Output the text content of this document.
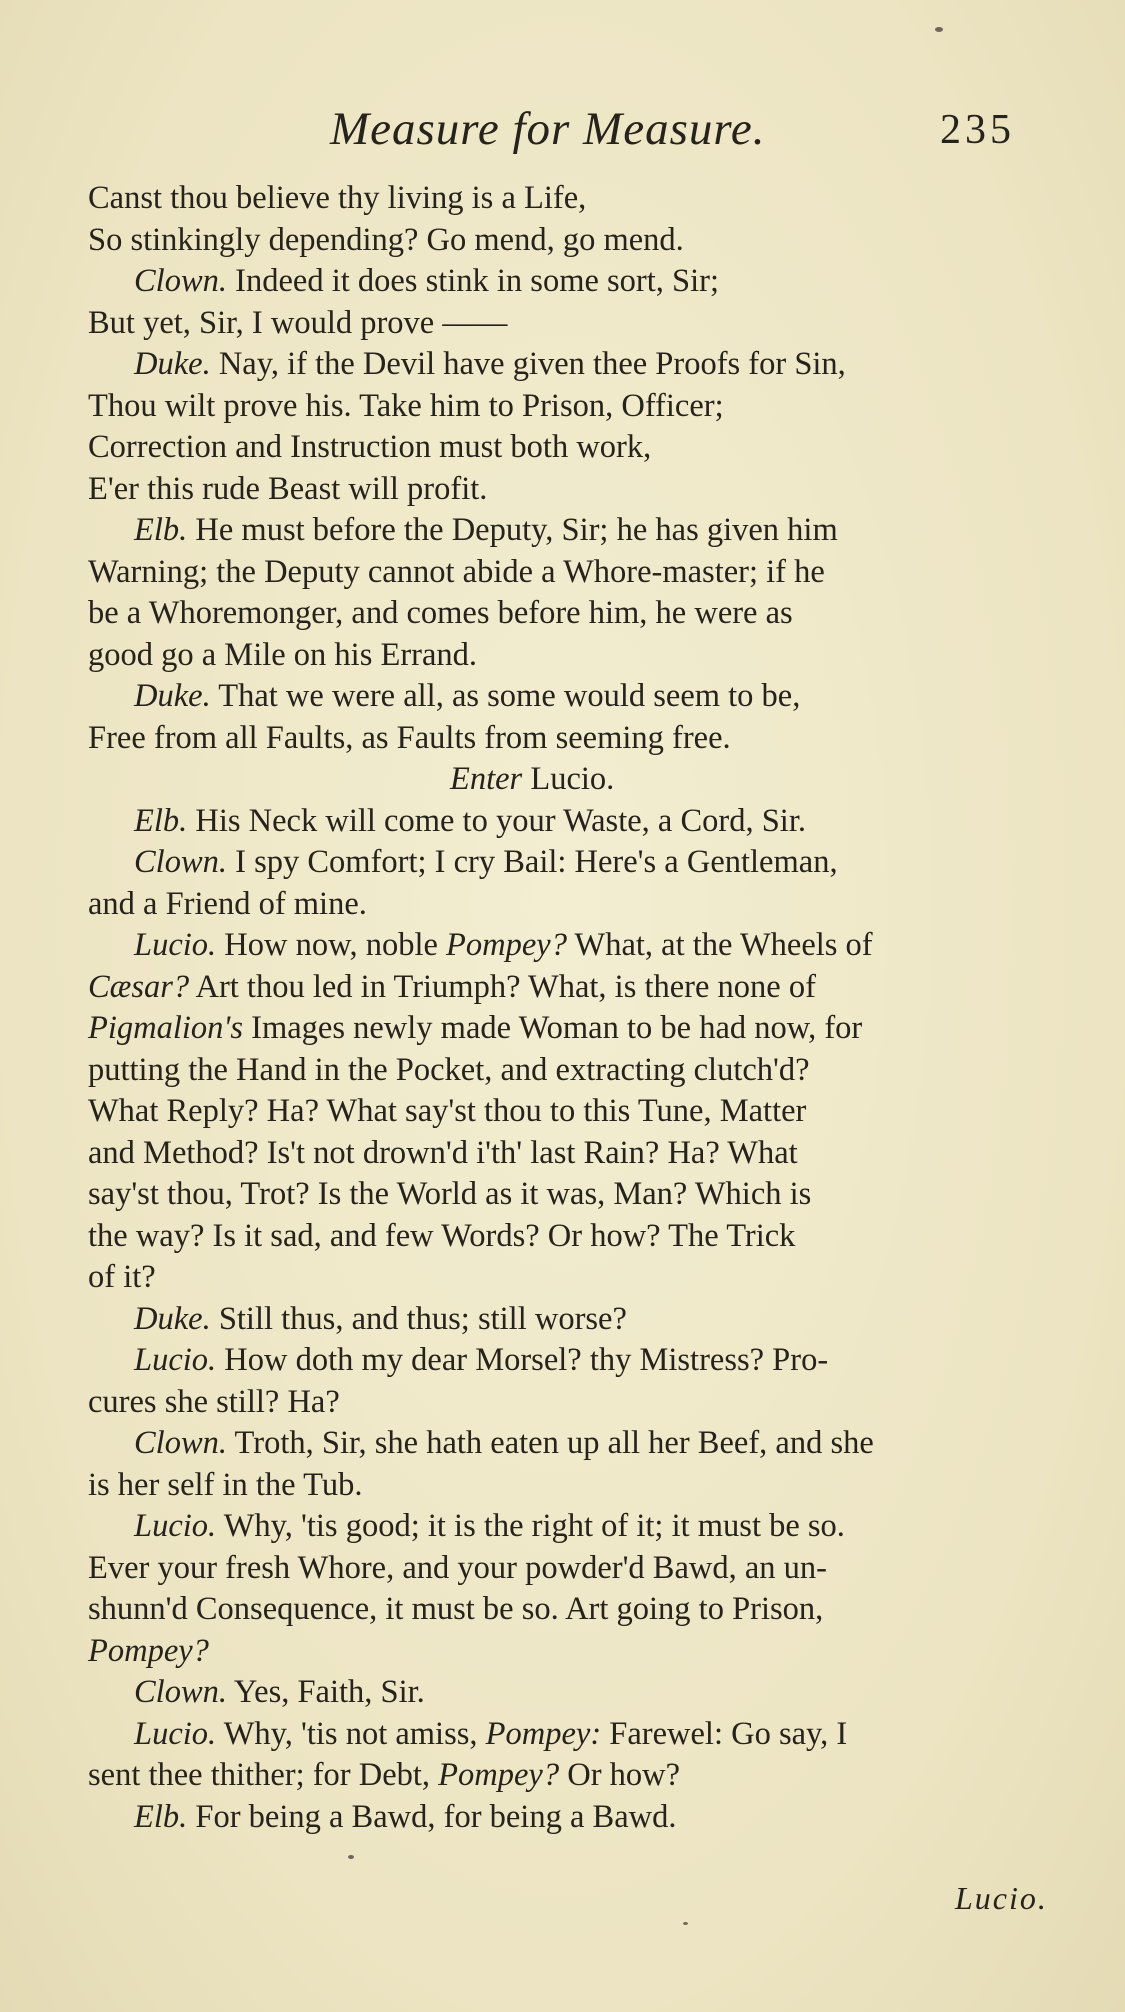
Measure for Measure.	235
Canst thou believe thy living is a Life,
So stinkingly depending? Go mend, go mend.
Clown. Indeed it does stink in some sort, Sir;
But yet, Sir, I would prove ——
Duke. Nay, if the Devil have given thee Proofs for Sin,
Thou wilt prove his. Take him to Prison, Officer;
Correction and Instruction must both work,
E'er this rude Beast will profit.
Elb. He must before the Deputy, Sir; he has given him
Warning; the Deputy cannot abide a Whore-master; if he
be a Whoremonger, and comes before him, he were as
good go a Mile on his Errand.
Duke. That we were all, as some would seem to be,
Free from all Faults, as Faults from seeming free.
Enter Lucio.
Elb. His Neck will come to your Waste, a Cord, Sir.
Clown. I spy Comfort; I cry Bail: Here's a Gentleman,
and a Friend of mine.
Lucio. How now, noble Pompey? What, at the Wheels of
Cæsar? Art thou led in Triumph? What, is there none of
Pigmalion's Images newly made Woman to be had now, for
putting the Hand in the Pocket, and extracting clutch'd?
What Reply? Ha? What say'st thou to this Tune, Matter
and Method? Is't not drown'd i'th' last Rain? Ha? What
say'st thou, Trot? Is the World as it was, Man? Which is
the way? Is it sad, and few Words? Or how? The Trick
of it?
Duke. Still thus, and thus; still worse?
Lucio. How doth my dear Morsel? thy Mistress? Pro-
cures she still? Ha?
Clown. Troth, Sir, she hath eaten up all her Beef, and she
is her self in the Tub.
Lucio. Why, 'tis good; it is the right of it; it must be so.
Ever your fresh Whore, and your powder'd Bawd, an un-
shunn'd Consequence, it must be so. Art going to Prison,
Pompey?
Clown. Yes, Faith, Sir.
Lucio. Why, 'tis not amiss, Pompey: Farewel: Go say, I
sent thee thither; for Debt, Pompey? Or how?
Elb. For being a Bawd, for being a Bawd.
Lucio.
